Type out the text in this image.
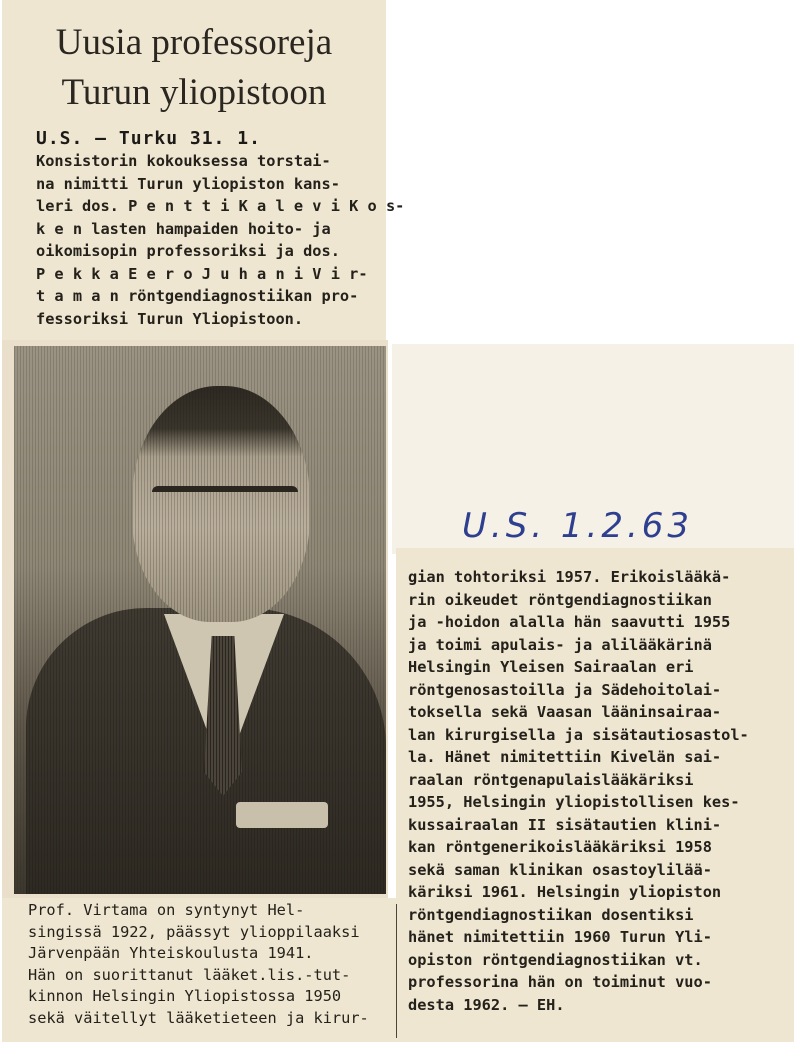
Uusia professoreja
Turun yliopistoon
U.S. — Turku 31. 1.
Konsistorin kokouksessa torstai-
na nimitti Turun yliopiston kans-
leri dos. P e n t t i K a l e v i K o s-
k e n lasten hampaiden hoito- ja
oikomisopin professoriksi ja dos.
P e k k a E e r o J u h a n i V i r-
t a m a n röntgendiagnostiikan pro-
fessoriksi Turun Yliopistoon.
Prof. Virtama on syntynyt Hel-
singissä 1922, päässyt ylioppilaaksi
Järvenpään Yhteiskoulusta 1941.
Hän on suorittanut lääket.lis.-tut-
kinnon Helsingin Yliopistossa 1950
sekä väitellyt lääketieteen ja kirur-
U.S. 1.2.63
gian tohtoriksi 1957. Erikoislääkä-
rin oikeudet röntgendiagnostiikan
ja -hoidon alalla hän saavutti 1955
ja toimi apulais- ja alilääkärinä
Helsingin Yleisen Sairaalan eri
röntgenosastoilla ja Sädehoitolai-
toksella sekä Vaasan lääninsairaa-
lan kirurgisella ja sisätautiosastol-
la. Hänet nimitettiin Kivelän sai-
raalan röntgenapulaislääkäriksi
1955, Helsingin yliopistollisen kes-
kussairaalan II sisätautien klini-
kan röntgenerikoislääkäriksi 1958
sekä saman klinikan osastoylilää-
käriksi 1961. Helsingin yliopiston
röntgendiagnostiikan dosentiksi
hänet nimitettiin 1960 Turun Yli-
opiston röntgendiagnostiikan vt.
professorina hän on toiminut vuo-
desta 1962. — EH.
